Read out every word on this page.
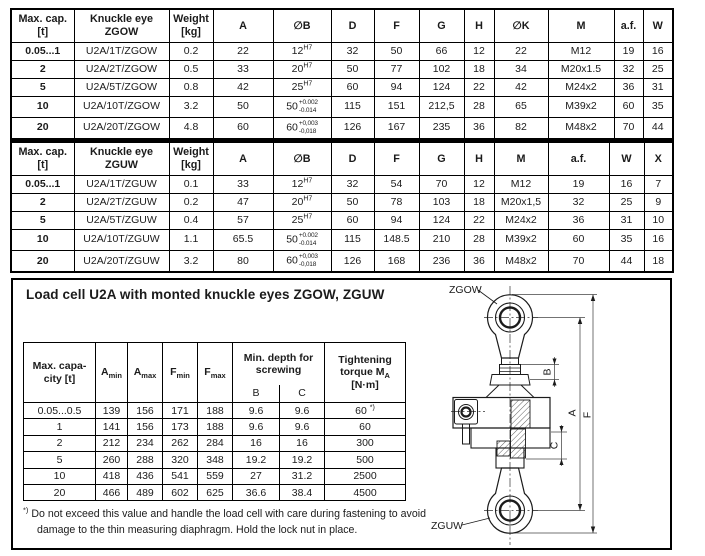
Max. cap.
[t]	Knuckle eye
ZGOW	Weight
[kg]	A	∅B	D	F	G	H	∅K	M	a.f.	W
0.05...1	U2A/1T/ZGOW	0.2	22	$12^{H7}$	32	50	66	12	22	M12	19	16
2	U2A/2T/ZGOW	0.5	33	$20^{H7}$	50	77	102	18	34	M20x1.5	32	25
5	U2A/5T/ZGOW	0.8	42	$25^{H7}$	60	94	124	22	42	M24x2	36	31
10	U2A/10T/ZGOW	3.2	50	50 +0.002
-0.014	115	151	212,5	28	65	M39x2	60	35
20	U2A/20T/ZGOW	4.8	60	60 +0,003
-0,018	126	167	235	36	82	M48x2	70	44
Max. cap.
[t]	Knuckle eye
ZGUW	Weight
[kg]	A	∅B	D	F	G	H	M	a.f.	W	X
0.05...1	U2A/1T/ZGUW	0.1	33	$12^{H7}$	32	54	70	12	M12	19	16	7
2	U2A/2T/ZGUW	0.2	47	$20^{H7}$	50	78	103	18	M20x1,5	32	25	9
5	U2A/5T/ZGUW	0.4	57	$25^{H7}$	60	94	124	22	M24x2	36	31	10
10	U2A/10T/ZGUW	1.1	65.5	50 +0.002
-0.014	115	148.5	210	28	M39x2	60	35	16
20	U2A/20T/ZGUW	3.2	80	60 +0,003
-0,018	126	168	236	36	M48x2	70	44	18
Load cell U2A with monted knuckle eyes ZGOW, ZGUW
Max. capa-
city [t]	$A_{min}$	$A_{max}$	$F_{min}$	$F_{max}$	Min. depth for
screwing		Tightening
torque $M_A$
[N·m]
					B	C	
0.05...0.5	139	156	171	188	9.6	9.6	60 *)
1	141	156	173	188	9.6	9.6	60
2	212	234	262	284	16	16	300
5	260	288	320	348	19.2	19.2	500
10	418	436	541	559	27	31.2	2500
20	466	489	602	625	36.6	38.4	4500
*) Do not exceed this value and handle the load cell with care during fastening to avoid damage to the thin measuring diaphragm. Hold the lock nut in place.
ZGOW
ZGUW
A F
B
C
